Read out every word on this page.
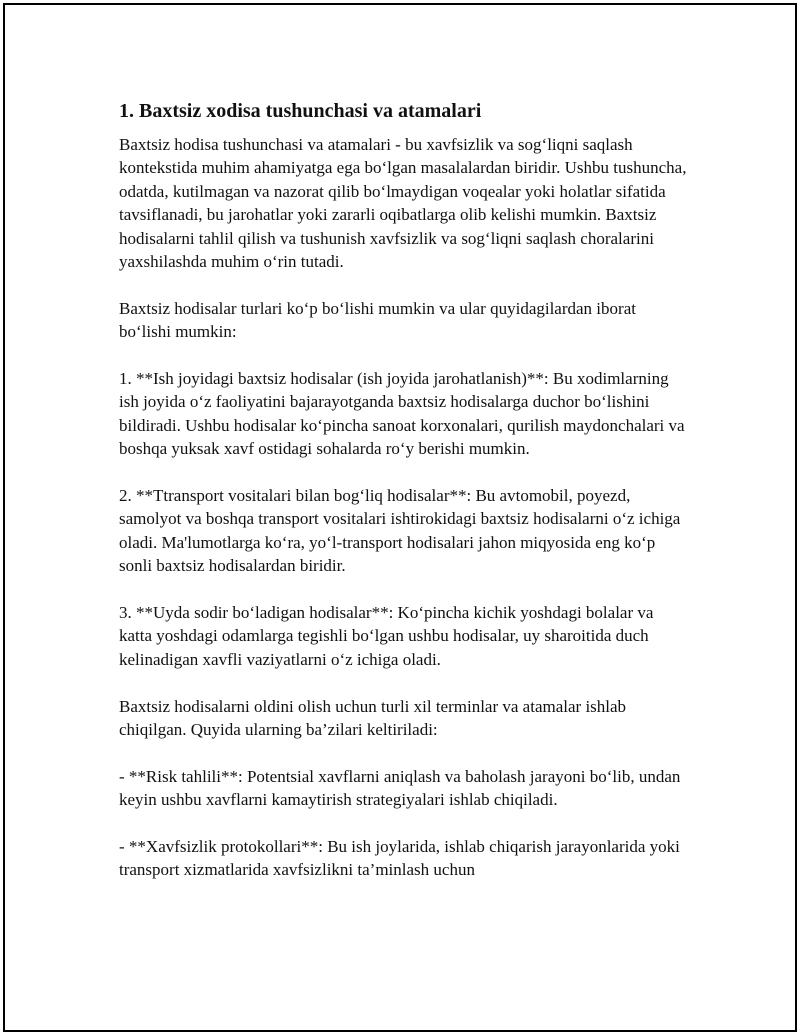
1. Baxtsiz xodisa tushunchasi va atamalari

Baxtsiz hodisa tushunchasi va atamalari - bu xavfsizlik va sog‘liqni saqlash kontekstida muhim ahamiyatga ega bo‘lgan masalalardan biridir. Ushbu tushuncha, odatda, kutilmagan va nazorat qilib bo‘lmaydigan voqealar yoki holatlar sifatida tavsiflanadi, bu jarohatlar yoki zararli oqibatlarga olib kelishi mumkin. Baxtsiz hodisalarni tahlil qilish va tushunish xavfsizlik va sog‘liqni saqlash choralarini yaxshilashda muhim o‘rin tutadi.

Baxtsiz hodisalar turlari ko‘p bo‘lishi mumkin va ular quyidagilardan iborat bo‘lishi mumkin:

1. **Ish joyidagi baxtsiz hodisalar (ish joyida jarohatlanish)**: Bu xodimlarning ish joyida o‘z faoliyatini bajarayotganda baxtsiz hodisalarga duchor bo‘lishini bildiradi. Ushbu hodisalar ko‘pincha sanoat korxonalari, qurilish maydonchalari va boshqa yuksak xavf ostidagi sohalarda ro‘y berishi mumkin.

2. **Ttransport vositalari bilan bog‘liq hodisalar**: Bu avtomobil, poyezd, samolyot va boshqa transport vositalari ishtirokidagi baxtsiz hodisalarni o‘z ichiga oladi. Ma'lumotlarga ko‘ra, yo‘l-transport hodisalari jahon miqyosida eng ko‘p sonli baxtsiz hodisalardan biridir.

3. **Uyda sodir bo‘ladigan hodisalar**: Ko‘pincha kichik yoshdagi bolalar va katta yoshdagi odamlarga tegishli bo‘lgan ushbu hodisalar, uy sharoitida duch kelinadigan xavfli vaziyatlarni o‘z ichiga oladi.

Baxtsiz hodisalarni oldini olish uchun turli xil terminlar va atamalar ishlab chiqilgan. Quyida ularning ba’zilari keltiriladi:

- **Risk tahlili**: Potentsial xavflarni aniqlash va baholash jarayoni bo‘lib, undan keyin ushbu xavflarni kamaytirish strategiyalari ishlab chiqiladi.

- **Xavfsizlik protokollari**: Bu ish joylarida, ishlab chiqarish jarayonlarida yoki transport xizmatlarida xavfsizlikni ta’minlash uchun
